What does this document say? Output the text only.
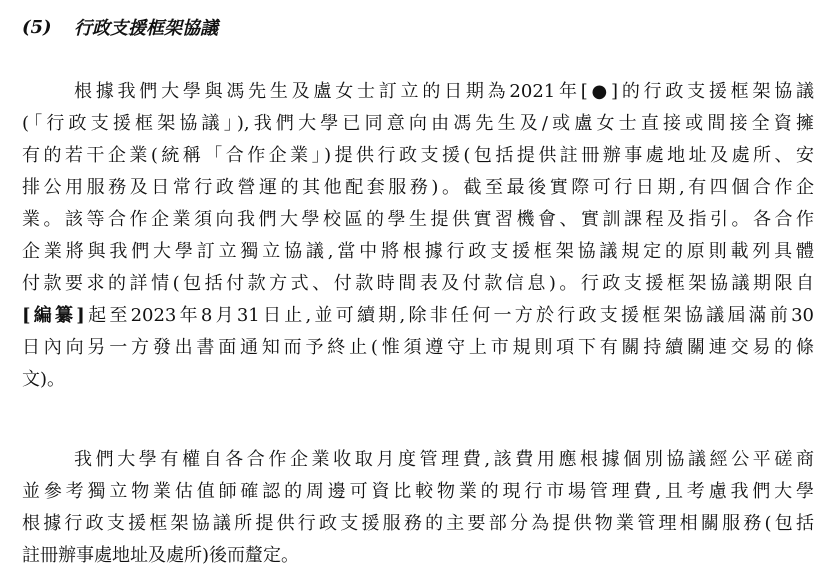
(5)	行政支援框架協議
根據我們大學與馮先生及盧女士訂立的日期為2021年[●]的行政支援框架協議
(「行政支援框架協議」),我們大學已同意向由馮先生及/或盧女士直接或間接全資擁
有的若干企業(統稱「合作企業」)提供行政支援(包括提供註冊辦事處地址及處所、安
排公用服務及日常行政營運的其他配套服務)。截至最後實際可行日期,有四個合作企
業。該等合作企業須向我們大學校區的學生提供實習機會、實訓課程及指引。各合作
企業將與我們大學訂立獨立協議,當中將根據行政支援框架協議規定的原則載列具體
付款要求的詳情(包括付款方式、付款時間表及付款信息)。行政支援框架協議期限自
[編纂]起至2023年8月31日止,並可續期,除非任何一方於行政支援框架協議屆滿前30
日內向另一方發出書面通知而予終止(惟須遵守上市規則項下有關持續關連交易的條
文)。
我們大學有權自各合作企業收取月度管理費,該費用應根據個別協議經公平磋商
並參考獨立物業估值師確認的周邊可資比較物業的現行市場管理費,且考慮我們大學
根據行政支援框架協議所提供行政支援服務的主要部分為提供物業管理相關服務(包括
註冊辦事處地址及處所)後而釐定。
